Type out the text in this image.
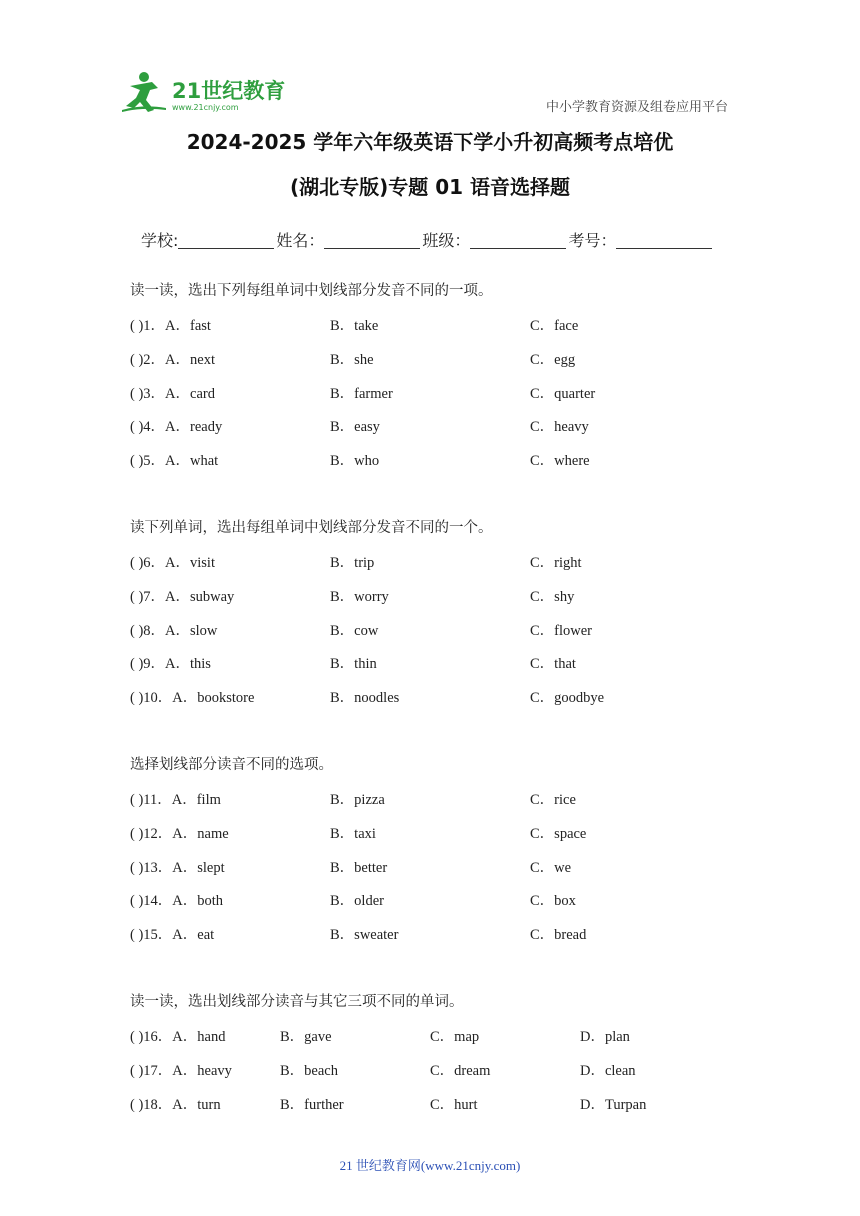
21世纪教育
www.21cnjy.com	中小学教育资源及组卷应用平台
2024-2025 学年六年级英语下学小升初高频考点培优
(湖北专版)专题 01 语音选择题
学校:	姓名：	班级：	考号：
读一读，选出下列每组单词中划线部分发音不同的一项。
( )1．A．fast	B．take	C．face
( )2．A．next	B．she	C．egg
( )3．A．card	B．farmer	C．quarter
( )4．A．ready	B．easy	C．heavy
( )5．A．what	B．who	C．where
读下列单词，选出每组单词中划线部分发音不同的一个。
( )6．A．visit	B．trip	C．right
( )7．A．subway	B．worry	C．shy
( )8．A．slow	B．cow	C．flower
( )9．A．this	B．thin	C．that
( )10．A．bookstore	B．noodles	C．goodbye
选择划线部分读音不同的选项。
( )11．A．film	B．pizza	C．rice
( )12．A．name	B．taxi	C．space
( )13．A．slept	B．better	C．we
( )14．A．both	B．older	C．box
( )15．A．eat	B．sweater	C．bread
读一读，选出划线部分读音与其它三项不同的单词。
( )16．A．hand	B．gave	C．map	D．plan
( )17．A．heavy	B．beach	C．dream	D．clean
( )18．A．turn	B．further	C．hurt	D．Turpan
21 世纪教育网(www.21cnjy.com)
